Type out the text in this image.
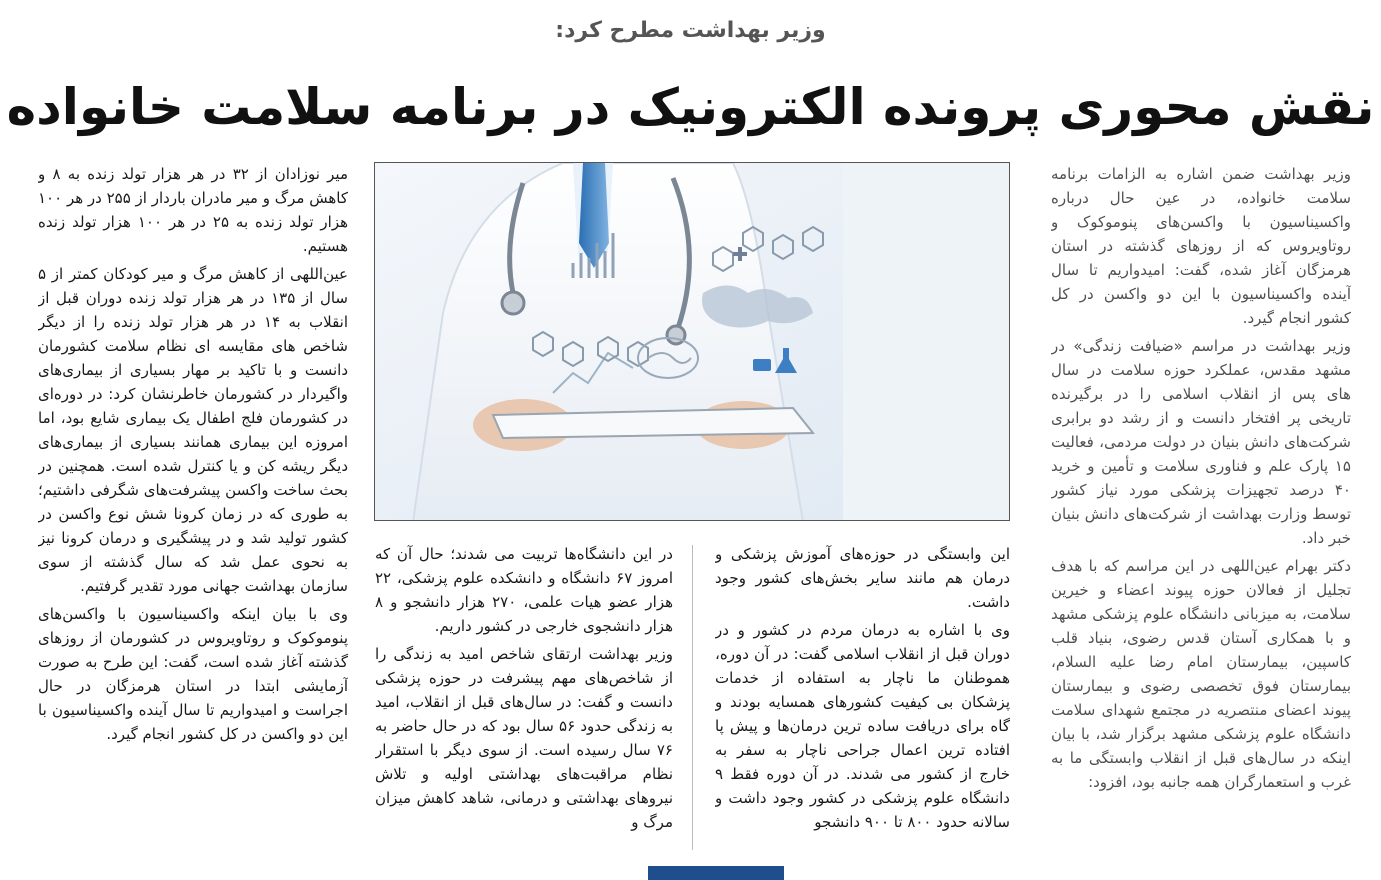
وزیر بهداشت مطرح کرد:
نقش محوری پرونده الکترونیک در برنامه سلامت خانواده

وزیر بهداشت ضمن اشاره به الزامات برنامه سلامت خانواده، در عین حال درباره واکسیناسیون با واکسن‌های پنوموکوک و روتاویروس که از روزهای گذشته در استان هرمزگان آغاز شده، گفت: امیدواریم تا سال آینده واکسیناسیون با این دو واکسن در کل کشور انجام گیرد.

وزیر بهداشت در مراسم «ضیافت زندگی» در مشهد مقدس، عملکرد حوزه سلامت در سال های پس از انقلاب اسلامی را در برگیرنده تاریخی پر افتخار دانست و از رشد دو برابری شرکت‌های دانش بنیان در دولت مردمی، فعالیت ۱۵ پارک علم و فناوری سلامت و تأمین و خرید ۴۰ درصد تجهیزات پزشکی مورد نیاز کشور توسط وزارت بهداشت از شرکت‌های دانش بنیان خبر داد.

دکتر بهرام عین‌اللهی در این مراسم که با هدف تجلیل از فعالان حوزه پیوند اعضاء و خیرین سلامت، به میزبانی دانشگاه علوم پزشکی مشهد و با همکاری آستان قدس رضوی، بنیاد قلب کاسپین، بیمارستان امام رضا علیه السلام، بیمارستان فوق تخصصی رضوی و بیمارستان پیوند اعضای منتصریه در مجتمع شهدای سلامت دانشگاه علوم پزشکی مشهد برگزار شد، با بیان اینکه در سال‌های قبل از انقلاب وابستگی ما به غرب و استعمارگران همه جانبه بود، افزود:

این وابستگی در حوزه‌های آموزش پزشکی و درمان هم مانند سایر بخش‌های کشور وجود داشت.

وی با اشاره به درمان مردم در کشور و در دوران قبل از انقلاب اسلامی گفت: در آن دوره، هموطنان ما ناچار به استفاده از خدمات پزشکان بی کیفیت کشورهای همسایه بودند و گاه برای دریافت ساده ترین درمان‌ها و پیش پا افتاده ترین اعمال جراحی ناچار به سفر به خارج از کشور می شدند. در آن دوره فقط ۹ دانشگاه علوم پزشکی در کشور وجود داشت و سالانه حدود ۸۰۰ تا ۹۰۰ دانشجو

در این دانشگاه‌ها تربیت می شدند؛ حال آن که امروز ۶۷ دانشگاه و دانشکده علوم پزشکی، ۲۲ هزار عضو هیات علمی، ۲۷۰ هزار دانشجو و ۸ هزار دانشجوی خارجی در کشور داریم.

وزیر بهداشت ارتقای شاخص امید به زندگی را از شاخص‌های مهم پیشرفت در حوزه پزشکی دانست و گفت: در سال‌های قبل از انقلاب، امید به زندگی حدود ۵۶ سال بود که در حال حاضر به ۷۶ سال رسیده است. از سوی دیگر با استقرار نظام مراقبت‌های بهداشتی اولیه و تلاش نیروهای بهداشتی و درمانی، شاهد کاهش میزان مرگ و

میر نوزادان از ۳۲ در هر هزار تولد زنده به ۸ و کاهش مرگ و میر مادران باردار از ۲۵۵ در هر ۱۰۰ هزار تولد زنده به ۲۵ در هر ۱۰۰ هزار تولد زنده هستیم.

عین‌اللهی از کاهش مرگ و میر کودکان کمتر از ۵ سال از ۱۳۵ در هر هزار تولد زنده دوران قبل از انقلاب به ۱۴ در هر هزار تولد زنده را از دیگر شاخص های مقایسه ای نظام سلامت کشورمان دانست و با تاکید بر مهار بسیاری از بیماری‌های واگیردار در کشورمان خاطرنشان کرد: در دوره‌ای در کشورمان فلج اطفال یک بیماری شایع بود، اما امروزه این بیماری همانند بسیاری از بیماری‌های دیگر ریشه کن و یا کنترل شده است. همچنین در بحث ساخت واکسن پیشرفت‌های شگرفی داشتیم؛ به طوری که در زمان کرونا شش نوع واکسن در کشور تولید شد و در پیشگیری و درمان کرونا نیز به نحوی عمل شد که سال گذشته از سوی سازمان بهداشت جهانی مورد تقدیر گرفتیم.

وی با بیان اینکه واکسیناسیون با واکسن‌های پنوموکوک و روتاویروس در کشورمان از روزهای گذشته آغاز شده است، گفت: این طرح به صورت آزمایشی ابتدا در استان هرمزگان در حال اجراست و امیدواریم تا سال آینده واکسیناسیون با این دو واکسن در کل کشور انجام گیرد.
